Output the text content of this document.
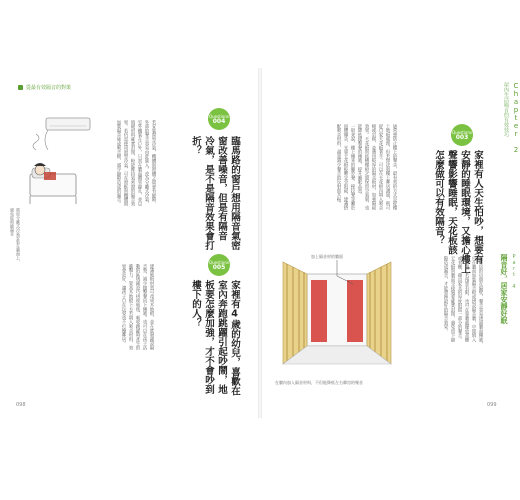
從最有效隔音的對策
Questions
004
臨馬路的窗戶想用隔音氣密
窗改善噪音，但是有隔音
冷氣，是不是隔音效果會打
折？
若安裝窗型冷氣，機體與窗體之間會有縫隙，
外部的聲音容易由此進入。改為分離式冷氣，
室外機裝在戶外，只需在牆面鑽管線孔，並以
填縫材料確實封閉，較能維持氣密窗的隔音效
果。若仍需使用窗型冷氣，可在窗框與機體間
加裝隔音條或吸音棉，減少縫隙造成的漏音。
將原分離式冷氣安裝在牆面上，
避免從窗縫漏音
Questions
005
家裡有4歲的幼兒，喜歡在
室內奔跑跳躍引起吵鬧，地
板要怎麼加強，才不會吵到
樓下的人？
建議地板材質可改成木地板，並在底層鋪設隔
音墊，減少撞擊聲向下傳遞。也可以在孩子活
動的區域鋪設巧拼或地毯，吸收跳躍時產生的
衝擊力。架高木地板下方若填入吸音材料，效
果會更好，讓孩子自在玩耍也不打擾鄰居。
098
Chapter 2
屋內生活隔音的有效技巧
Part 4
隔音好，居家安靜好眠
Questions
003
家裡有人天生怕吵，想要有
安靜的睡眠環境，又擔心樓上
聲響影響睡眠，天花板該
怎麼做可以有效隔音？
通常想防止樓上的聲音，最有效的方式是從樓
上地板處理，但若無法與樓上鄰居溝通，則可
從自家天花板著手。可以在天花板內填入吸音
棉或岩棉，並選用較厚的隔音板材，加強隔絕
效果。天花板與結構樓板之間保留空氣層，也
能降低撞擊聲的傳遞，提升睡眠品質。
一般來說，樓上傳來的腳步聲、拖拉聲等屬於
固體傳音，光靠天花板較難完全阻絕，建議搭
配吸音材料，盡量減少聲音的反射與共振。
若鄰居的房間在隔壁，聲音容易透過牆面傳遞，
可在牆面加裝隔音板或增設隔音牆，中間填入
吸音棉。若預算有限，也可在靠牆處擺放書櫃
或衣櫃，藉由家具的厚度阻擋一部分的聲音。
天花板與牆面交接處要確實封閉，避免留下縫
隙造成漏音，才能發揮最好的隔音效果。
加上隔音材的牆面
在牆內加入隔音材料，不但能降低左右鄰房的噪音
099
